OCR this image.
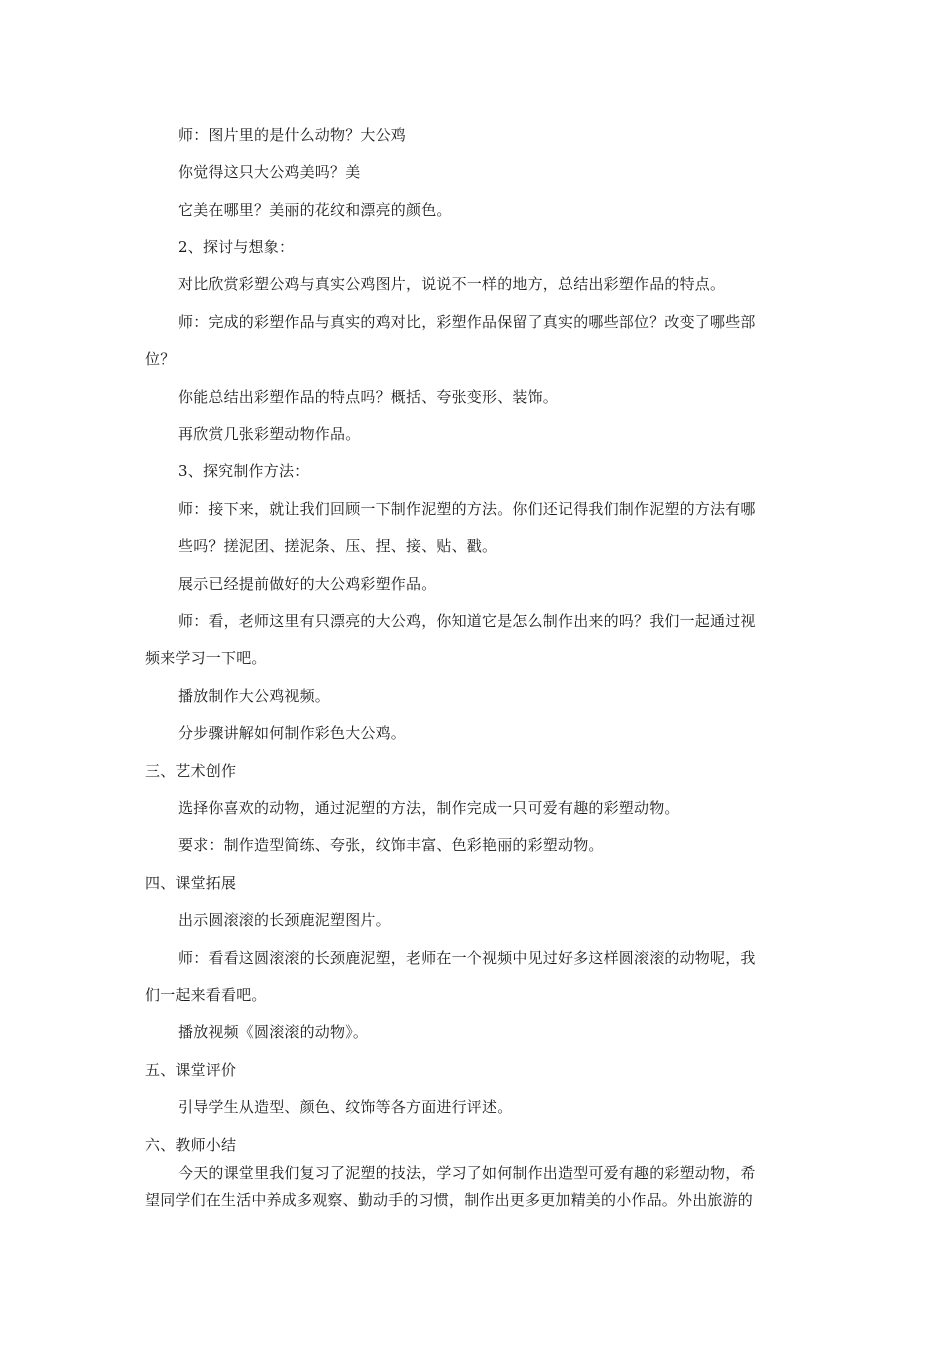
师：图片里的是什么动物？大公鸡
你觉得这只大公鸡美吗？美
它美在哪里？美丽的花纹和漂亮的颜色。
2、探讨与想象：
对比欣赏彩塑公鸡与真实公鸡图片，说说不一样的地方，总结出彩塑作品的特点。
师：完成的彩塑作品与真实的鸡对比，彩塑作品保留了真实的哪些部位？改变了哪些部
位？
你能总结出彩塑作品的特点吗？概括、夸张变形、装饰。
再欣赏几张彩塑动物作品。
3、探究制作方法：
师：接下来，就让我们回顾一下制作泥塑的方法。你们还记得我们制作泥塑的方法有哪
些吗？搓泥团、搓泥条、压、捏、接、贴、戳。
展示已经提前做好的大公鸡彩塑作品。
师：看，老师这里有只漂亮的大公鸡，你知道它是怎么制作出来的吗？我们一起通过视
频来学习一下吧。
播放制作大公鸡视频。
分步骤讲解如何制作彩色大公鸡。
三、艺术创作
选择你喜欢的动物，通过泥塑的方法，制作完成一只可爱有趣的彩塑动物。
要求：制作造型简练、夸张，纹饰丰富、色彩艳丽的彩塑动物。
四、课堂拓展
出示圆滚滚的长颈鹿泥塑图片。
师：看看这圆滚滚的长颈鹿泥塑，老师在一个视频中见过好多这样圆滚滚的动物呢，我
们一起来看看吧。
播放视频《圆滚滚的动物》。
五、课堂评价
引导学生从造型、颜色、纹饰等各方面进行评述。
六、教师小结
今天的课堂里我们复习了泥塑的技法，学习了如何制作出造型可爱有趣的彩塑动物，希
望同学们在生活中养成多观察、勤动手的习惯，制作出更多更加精美的小作品。外出旅游的
